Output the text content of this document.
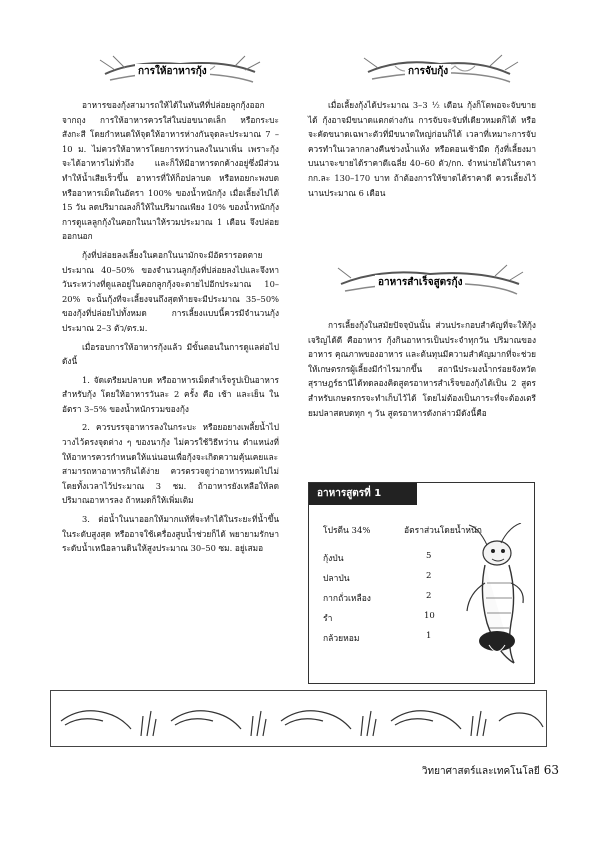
การให้อาหารกุ้ง	การจับกุ้ง

อาหารของกุ้งสามารถให้ได้ในทันทีที่ปล่อยลูกกุ้งออกจากถุง การให้อาหารควรใส่ในบ่อขนาดเล็ก หรือกระบะสังกะสี โดยกำหนดให้จุดให้อาหารห่างกันจุดละประมาณ 7 – 10 ม. ไม่ควรให้อาหารโดยการหว่านลงในนาเพิ่น เพราะกุ้งจะได้อาหารไม่ทั่วถึง และก็ให้มีอาหารตกค้างอยู่ซึ่งมีส่วนทำให้น้ำเสียเร็วขึ้น อาหารที่ให้ก็อปลาบด หรือหอยกะพงบด หรืออาหารเม็ดในอัตรา 100% ของน้ำหนักกุ้ง เมื่อเลี้ยงไปได้ 15 วัน ลดปริมาณลงก็ให้ในปริมาณเพียง 10% ของน้ำหนักกุ้ง การดูแลลูกกุ้งในคอกในนาให้รวมประมาณ 1 เดือน จึงปล่อยออกนอก

กุ้งที่ปล่อยลงเลี้ยงในคอกในนามักจะมีอัตรารอดตายประมาณ 40–50% ของจำนวนลูกกุ้งที่ปล่อยลงไปและจึงหาวันระหว่างที่ดูแลอยู่ในคอกลูกกุ้งจะตายไปอีกประมาณ 10–20% จะนั้นกุ้งที่จะเลี้ยงจนถึงสุดท้ายจะมีประมาณ 35–50% ของกุ้งที่ปล่อยไปทั้งหมด การเลี้ยงแบบนี้ควรมีจำนวนกุ้งประมาณ 2–3 ตัว/ตร.ม.

เมื่อรอบการให้อาหารกุ้งแล้ว มีขั้นตอนในการดูแลต่อไปดังนี้

1. จัดเตรียมปลาบด หรืออาหารเม็ดสำเร็จรูปเป็นอาหารสำหรับกุ้ง โดยให้อาหารวันละ 2 ครั้ง คือ เช้า และเย็น ในอัตรา 3–5% ของน้ำหนักรวมของกุ้ง

2. ควรบรรจุอาหารลงในกระบะ หรือยอยางเพลี้ยน้ำไปวางไว้ตรงจุดต่าง ๆ ของนากุ้ง ไม่ควรใช้วิธีหว่าน ตำแหน่งที่ให้อาหารควรกำหนดให้แน่นอนเพื่อกุ้งจะเกิดความคุ้นเคยและสามารถหาอาหารกินได้ง่าย ควรตรวจดูว่าอาหารหมดไปไม่ โดยทั้งเวลาไว้ประมาณ 3 ชม. ถ้าอาหารยังเหลือให้ลดปริมาณอาหารลง ถ้าหมดก็ให้เพิ่มเติม

3. ต่อน้ำในนาออกให้มากแท้ที่จะทำได้ในระยะที่น้ำขึ้นในระดับสูงสุด หรืออาจใช้เครื่องสูบน้ำช่วยก็ได้ พยายามรักษาระดับน้ำเหนือลานดินให้สูงประมาณ 30–50 ซม. อยู่เสมอ

เมื่อเลี้ยงกุ้งได้ประมาณ 3–3 ½ เดือน กุ้งก็โตพอจะจับขายได้ กุ้งอาจมีขนาดแตกต่างกัน การจับจะจับที่เดียวหมดก็ได้ หรือจะคัดขนาดเฉพาะตัวที่มีขนาดใหญ่ก่อนก็ได้ เวลาที่เหมาะการจับควรทำในเวลากลางคืนช่วงน้ำแห้ง หรือตอนเช้ามืด กุ้งที่เลี้ยงมาบนนาจะขายได้ราคาดีเฉลี่ย 40–60 ตัว/กก. จำหน่ายได้ในราคา กก.ละ 130–170 บาท ถ้าต้องการให้ขาดได้ราคาดี ควรเลี้ยงไว้นานประมาณ 6 เดือน

อาหารสำเร็จสูตรกุ้ง

การเลี้ยงกุ้งในสมัยปัจจุบันนั้น ส่วนประกอบสำคัญที่จะให้กุ้งเจริญได้ดี คืออาหาร กุ้งกินอาหารเป็นประจำทุกวัน ปริมาณของอาหาร คุณภาพของอาหาร และต้นทุนมีความสำคัญมากที่จะช่วยให้เกษตรกรผู้เลี้ยงมีกำไรมากขึ้น สถานีประมงน้ำกร่อยจังหวัดสุราษฎร์ธานีได้ทดลองคิดสูตรอาหารสำเร็จของกุ้งได้เป็น 2 สูตร สำหรับเกษตรกรจะทำเก็บไว้ได้ โดยไม่ต้องเป็นภาระที่จะต้องเตรียมปลาสดบดทุก ๆ วัน สูตรอาหารดังกล่าวมีดังนี้คือ

อาหารสูตรที่ 1
โปรตีน 34%	อัตราส่วนโดยน้ำหนัก
กุ้งป่น	5
ปลาป่น	2
กากถั่วเหลือง	2
รำ	10
กล้วยหอม	1
วิทยาศาสตร์และเทคโนโลยี 63
